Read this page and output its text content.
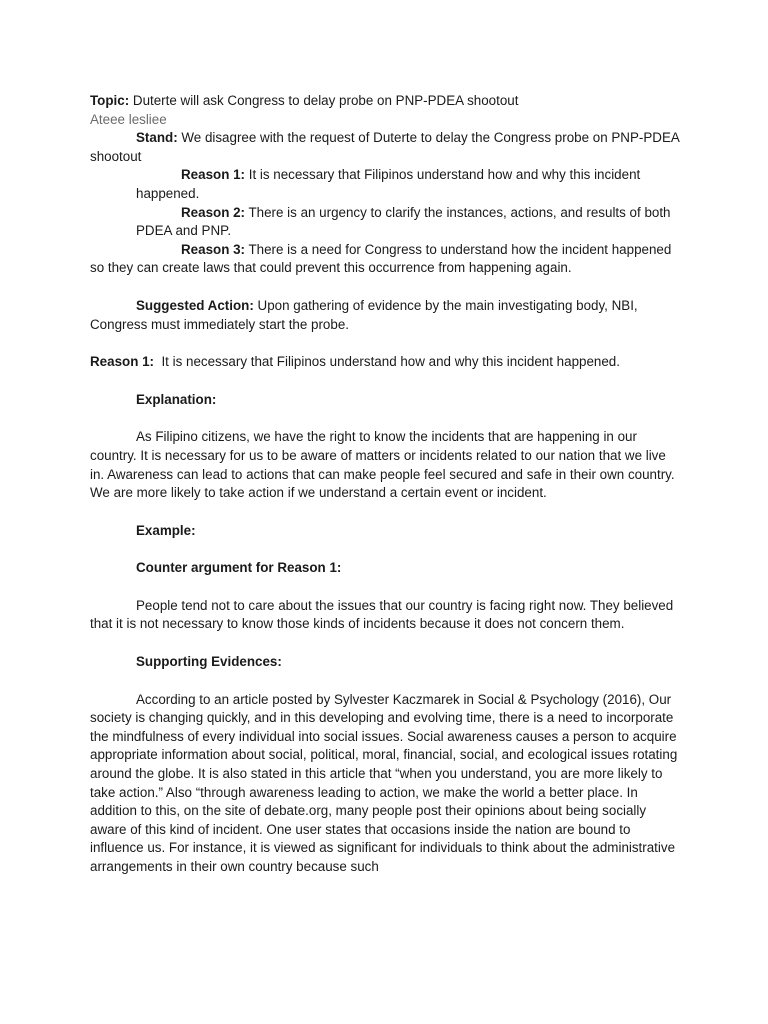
Topic: Duterte will ask Congress to delay probe on PNP-PDEA shootout

Ateee lesliee

Stand: We disagree with the request of Duterte to delay the Congress probe on PNP-PDEA shootout

Reason 1: It is necessary that Filipinos understand how and why this incident happened.

Reason 2: There is an urgency to clarify the instances, actions, and results of both PDEA and PNP.

Reason 3: There is a need for Congress to understand how the incident happened so they can create laws that could prevent this occurrence from happening again.

Suggested Action: Upon gathering of evidence by the main investigating body, NBI, Congress must immediately start the probe.

Reason 1:  It is necessary that Filipinos understand how and why this incident happened.

Explanation:

As Filipino citizens, we have the right to know the incidents that are happening in our country. It is necessary for us to be aware of matters or incidents related to our nation that we live in. Awareness can lead to actions that can make people feel secured and safe in their own country. We are more likely to take action if we understand a certain event or incident.

Example:

Counter argument for Reason 1:

People tend not to care about the issues that our country is facing right now. They believed that it is not necessary to know those kinds of incidents because it does not concern them.

Supporting Evidences:

According to an article posted by Sylvester Kaczmarek in Social & Psychology (2016), Our society is changing quickly, and in this developing and evolving time, there is a need to incorporate the mindfulness of every individual into social issues. Social awareness causes a person to acquire appropriate information about social, political, moral, financial, social, and ecological issues rotating around the globe. It is also stated in this article that “when you understand, you are more likely to take action.” Also “through awareness leading to action, we make the world a better place. In addition to this, on the site of debate.org, many people post their opinions about being socially aware of this kind of incident. One user states that occasions inside the nation are bound to influence us. For instance, it is viewed as significant for individuals to think about the administrative arrangements in their own country because such
